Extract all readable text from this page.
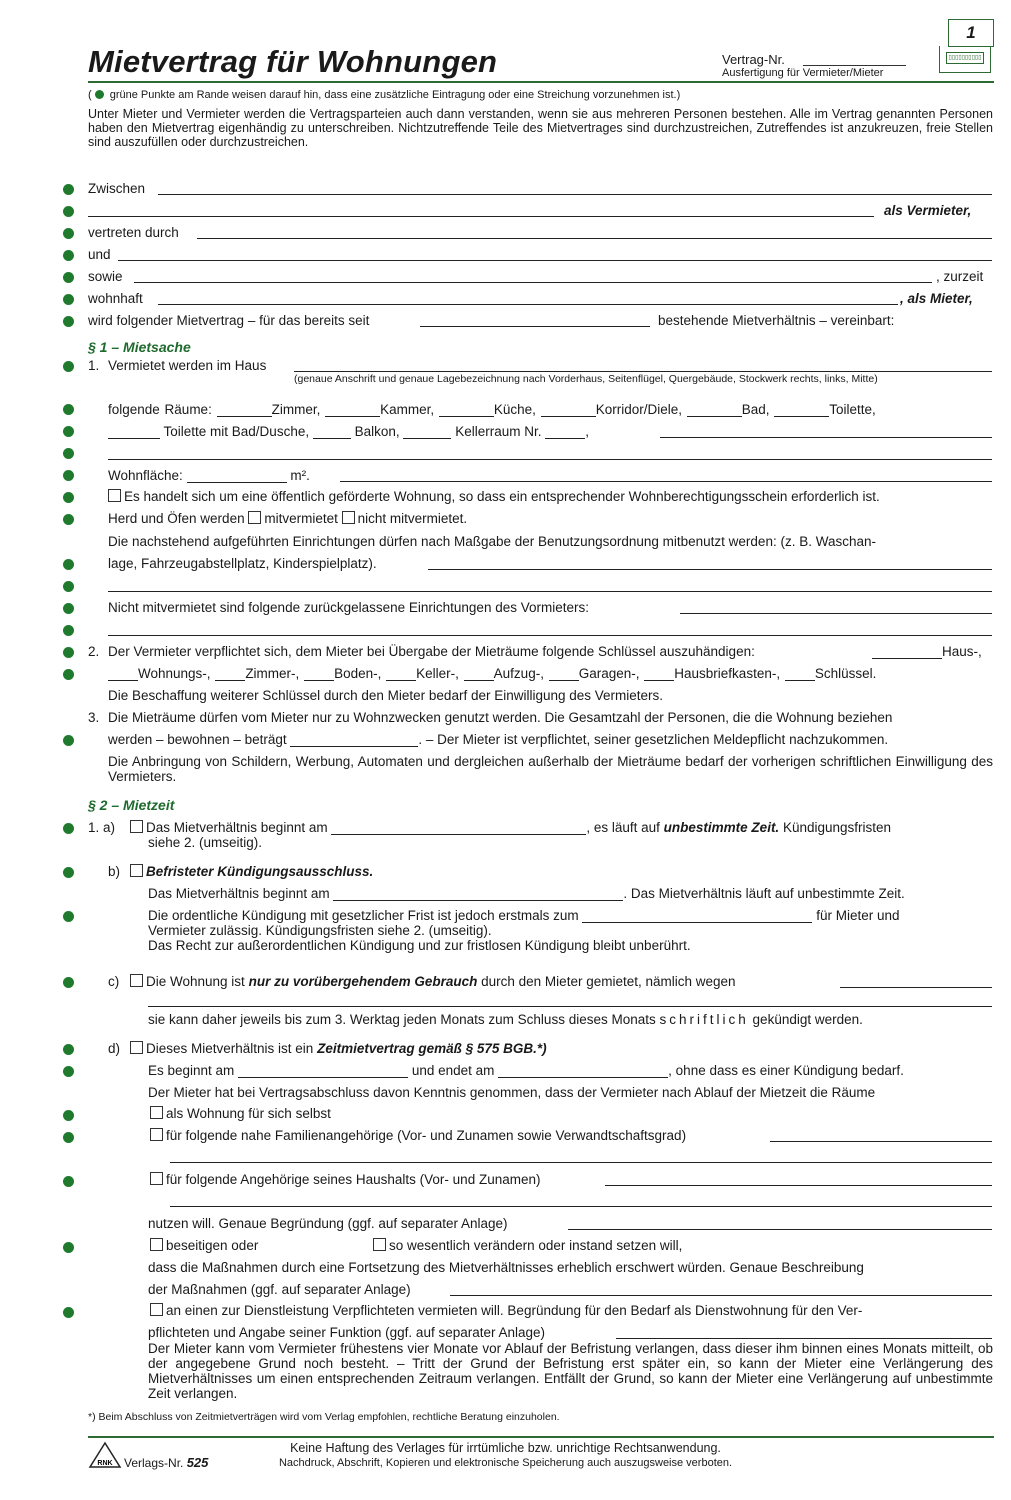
Mietvertrag für Wohnungen	Vertrag-Nr.
Ausfertigung für Vermieter/Mieter
1
▯▯▯▯▯▯▯▯▯▯
( grüne Punkte am Rande weisen darauf hin, dass eine zusätzliche Eintragung oder eine Streichung vorzunehmen ist.)
Unter Mieter und Vermieter werden die Vertragsparteien auch dann verstanden, wenn sie aus mehreren Personen bestehen. Alle im Vertrag genannten Personen haben den Mietvertrag eigenhändig zu unterschreiben. Nichtzutreffende Teile des Mietvertrages sind durchzustreichen, Zutreffendes ist anzukreuzen, freie Stellen sind auszufüllen oder durchzustreichen.
Zwischen
als Vermieter,
vertreten durch
und
sowie	, zurzeit
wohnhaft	, als Mieter,
wird folgender Mietvertrag – für das bereits seit	bestehende Mietverhältnis – vereinbart:
§ 1 – Mietsache
1. Vermietet werden im Haus
(genaue Anschrift und genaue Lagebezeichnung nach Vorderhaus, Seitenflügel, Quergebäude, Stockwerk rechts, links, Mitte)
folgende Räume:	Zimmer,	Kammer,	Küche,	Korridor/Diele,	Bad,	Toilette,
Toilette mit Bad/Dusche,	Balkon,	Kellerraum Nr.	,
Wohnfläche:	m².
Es handelt sich um eine öffentlich geförderte Wohnung, so dass ein entsprechender Wohnberechtigungsschein erforderlich ist.
Herd und Öfen werden mitvermietet nicht mitvermietet.
Die nachstehend aufgeführten Einrichtungen dürfen nach Maßgabe der Benutzungsordnung mitbenutzt werden: (z. B. Waschan-
lage, Fahrzeugabstellplatz, Kinderspielplatz).
Nicht mitvermietet sind folgende zurückgelassene Einrichtungen des Vormieters:
2. Der Vermieter verpflichtet sich, dem Mieter bei Übergabe der Mieträume folgende Schlüssel auszuhändigen:	Haus-,
Wohnungs-,	Zimmer-,	Boden-,	Keller-,	Aufzug-,	Garagen-,	Hausbriefkasten-,	Schlüssel.
Die Beschaffung weiterer Schlüssel durch den Mieter bedarf der Einwilligung des Vermieters.
3. Die Mieträume dürfen vom Mieter nur zu Wohnzwecken genutzt werden. Die Gesamtzahl der Personen, die die Wohnung beziehen
werden – bewohnen – beträgt	. – Der Mieter ist verpflichtet, seiner gesetzlichen Meldepflicht nachzukommen.
Die Anbringung von Schildern, Werbung, Automaten und dergleichen außerhalb der Mieträume bedarf der vorherigen schriftlichen Einwilligung des Vermieters.
§ 2 – Mietzeit
1. a)	Das Mietverhältnis beginnt am	, es läuft auf unbestimmte Zeit. Kündigungsfristen
siehe 2. (umseitig).
b)	Befristeter Kündigungsausschluss.
Das Mietverhältnis beginnt am	. Das Mietverhältnis läuft auf unbestimmte Zeit.
Die ordentliche Kündigung mit gesetzlicher Frist ist jedoch erstmals zum	für Mieter und
Vermieter zulässig. Kündigungsfristen siehe 2. (umseitig).
Das Recht zur außerordentlichen Kündigung und zur fristlosen Kündigung bleibt unberührt.
c)	Die Wohnung ist nur zu vorübergehendem Gebrauch durch den Mieter gemietet, nämlich wegen
sie kann daher jeweils bis zum 3. Werktag jeden Monats zum Schluss dieses Monats schriftlich gekündigt werden.
d)	Dieses Mietverhältnis ist ein Zeitmietvertrag gemäß § 575 BGB.*)
Es beginnt am	und endet am	, ohne dass es einer Kündigung bedarf.
Der Mieter hat bei Vertragsabschluss davon Kenntnis genommen, dass der Vermieter nach Ablauf der Mietzeit die Räume
als Wohnung für sich selbst
für folgende nahe Familienangehörige (Vor- und Zunamen sowie Verwandtschaftsgrad)
für folgende Angehörige seines Haushalts (Vor- und Zunamen)
nutzen will. Genaue Begründung (ggf. auf separater Anlage)
beseitigen oder	so wesentlich verändern oder instand setzen will,
dass die Maßnahmen durch eine Fortsetzung des Mietverhältnisses erheblich erschwert würden. Genaue Beschreibung
der Maßnahmen (ggf. auf separater Anlage)
an einen zur Dienstleistung Verpflichteten vermieten will. Begründung für den Bedarf als Dienstwohnung für den Ver-
pflichteten und Angabe seiner Funktion (ggf. auf separater Anlage)
Der Mieter kann vom Vermieter frühestens vier Monate vor Ablauf der Befristung verlangen, dass dieser ihm binnen eines Monats mitteilt, ob der angegebene Grund noch besteht. – Tritt der Grund der Befristung erst später ein, so kann der Mieter eine Verlängerung des Mietverhältnisses um einen entsprechenden Zeitraum verlangen. Entfällt der Grund, so kann der Mieter eine Verlängerung auf unbestimmte Zeit verlangen.
*) Beim Abschluss von Zeitmietverträgen wird vom Verlag empfohlen, rechtliche Beratung einzuholen.
RNK Verlags-Nr. 525
Keine Haftung des Verlages für irrtümliche bzw. unrichtige Rechtsanwendung.
Nachdruck, Abschrift, Kopieren und elektronische Speicherung auch auszugsweise verboten.
